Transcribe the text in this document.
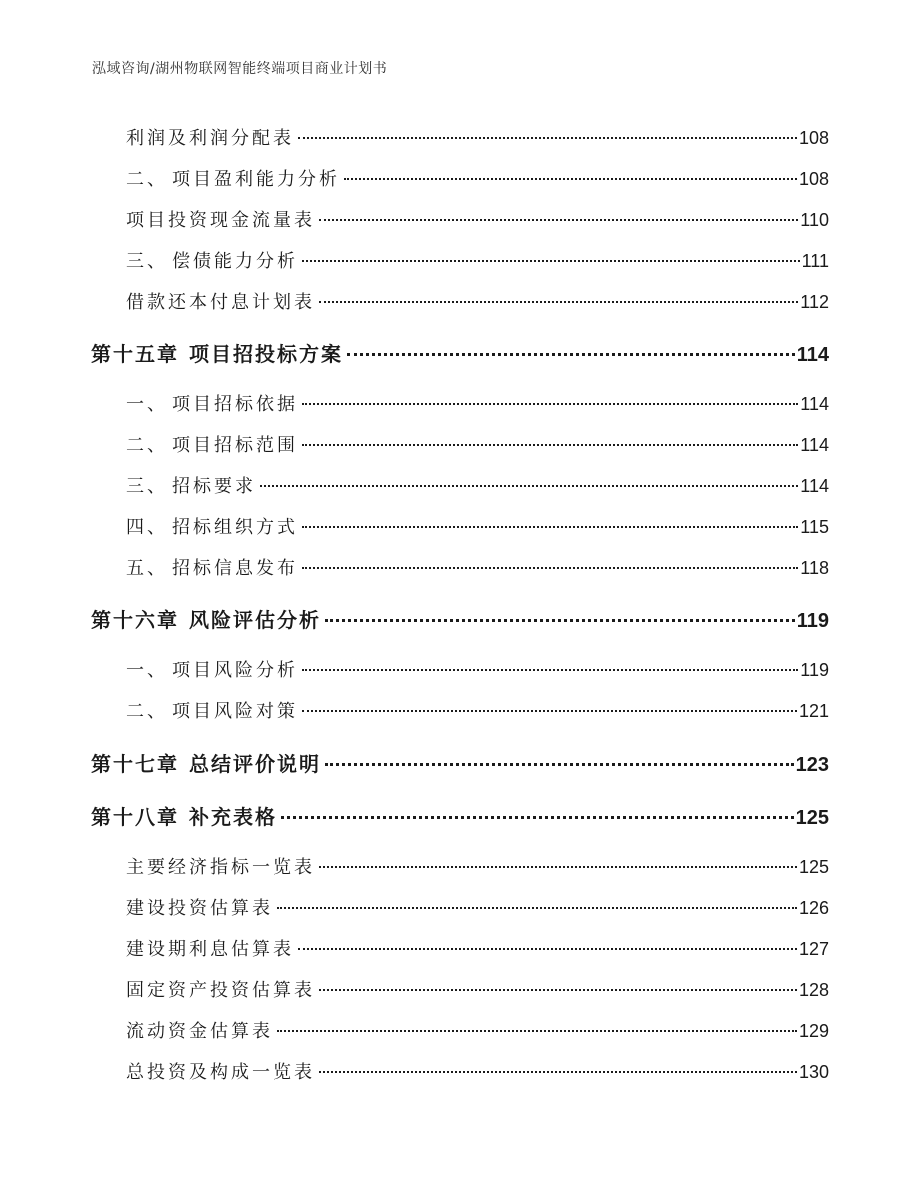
泓域咨询/湖州物联网智能终端项目商业计划书
利润及利润分配表	108
二、 项目盈利能力分析	108
项目投资现金流量表	110
三、 偿债能力分析	111
借款还本付息计划表	112
第十五章 项目招投标方案	114
一、 项目招标依据	114
二、 项目招标范围	114
三、 招标要求	114
四、 招标组织方式	115
五、 招标信息发布	118
第十六章 风险评估分析	119
一、 项目风险分析	119
二、 项目风险对策	121
第十七章 总结评价说明	123
第十八章 补充表格	125
主要经济指标一览表	125
建设投资估算表	126
建设期利息估算表	127
固定资产投资估算表	128
流动资金估算表	129
总投资及构成一览表	130
